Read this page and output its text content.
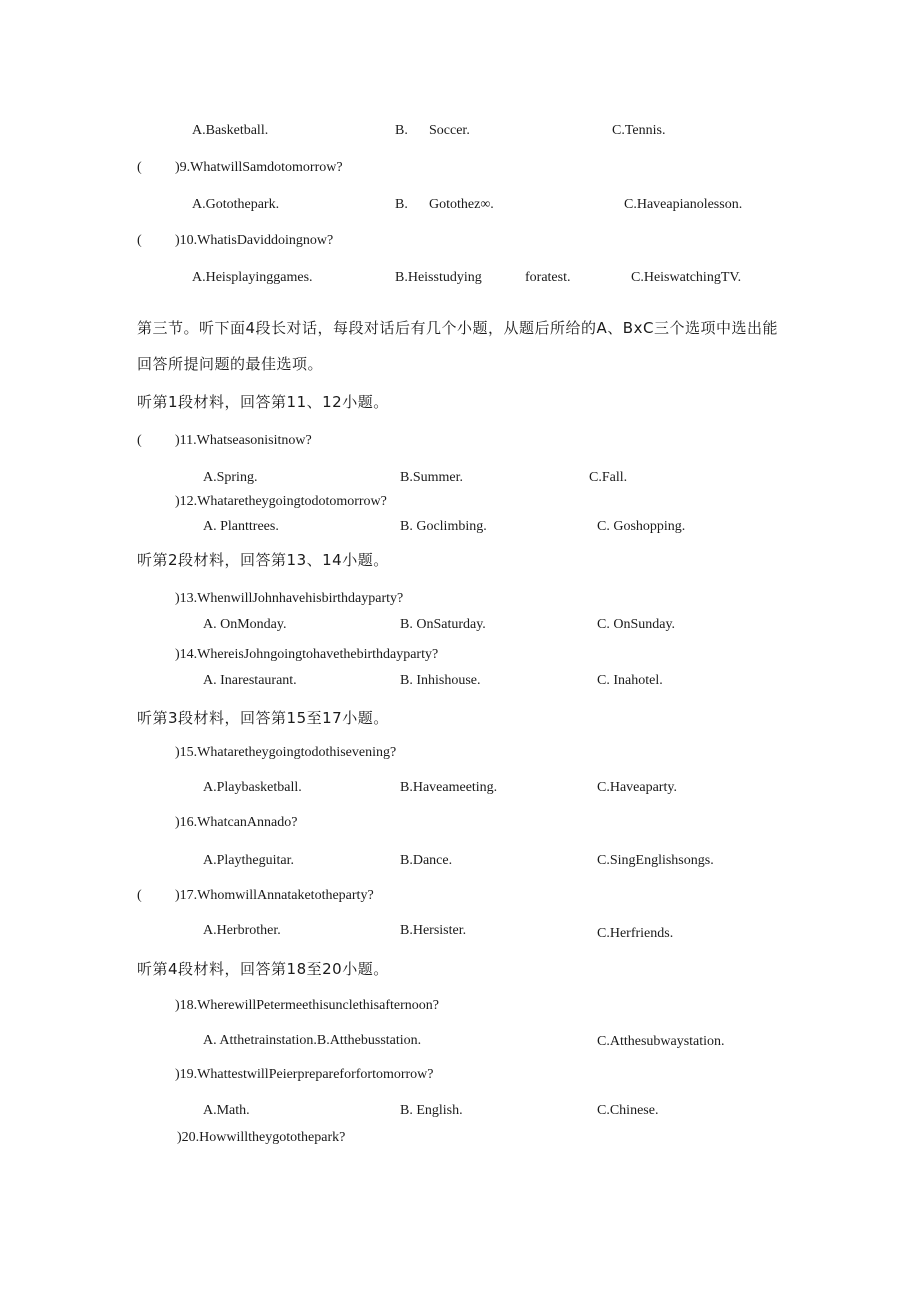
A.Basketball.	B. Soccer.	C.Tennis.
( )9.WhatwillSamdotomorrow?
A.Gotothepark.	B. Gotothez∞.	C.Haveapianolesson.
( )10.WhatisDaviddoingnow?
A.Heisplayinggames.	B.Heisstudying	foratest.	C.HeiswatchingTV.
第三节。听下面4段长对话，每段对话后有几个小题，从题后所给的A、BxC三个选项中选出能
回答所提问题的最佳选项。
听第1段材料，回答第11、12小题。
( )11.Whatseasonisitnow?
A.Spring.	B.Summer.	C.Fall.
)12.Whataretheygoingtodotomorrow?
A. Planttrees.	B. Goclimbing.	C. Goshopping.
听第2段材料，回答第13、14小题。
)13.WhenwillJohnhavehisbirthdayparty?
A. OnMonday.	B. OnSaturday.	C. OnSunday.
)14.WhereisJohngoingtohavethebirthdayparty?
A. Inarestaurant.	B. Inhishouse.	C. Inahotel.
听第3段材料，回答第15至17小题。
)15.Whataretheygoingtodothisevening?
A.Playbasketball.	B.Haveameeting.	C.Haveaparty.
)16.WhatcanAnnado?
A.Playtheguitar.	B.Dance.	C.SingEnglishsongs.
( )17.WhomwillAnnataketotheparty?
A.Herbrother.	B.Hersister.	C.Herfriends.
听第4段材料，回答第18至20小题。
)18.WherewillPetermeethisunclethisafternoon?
A. Atthetrainstation.B.Atthebusstation.	C.Atthesubwaystation.
)19.WhattestwillPeierprepareforfortomorrow?
A.Math.	B. English.	C.Chinese.
)20.Howwilltheygotothepark?
